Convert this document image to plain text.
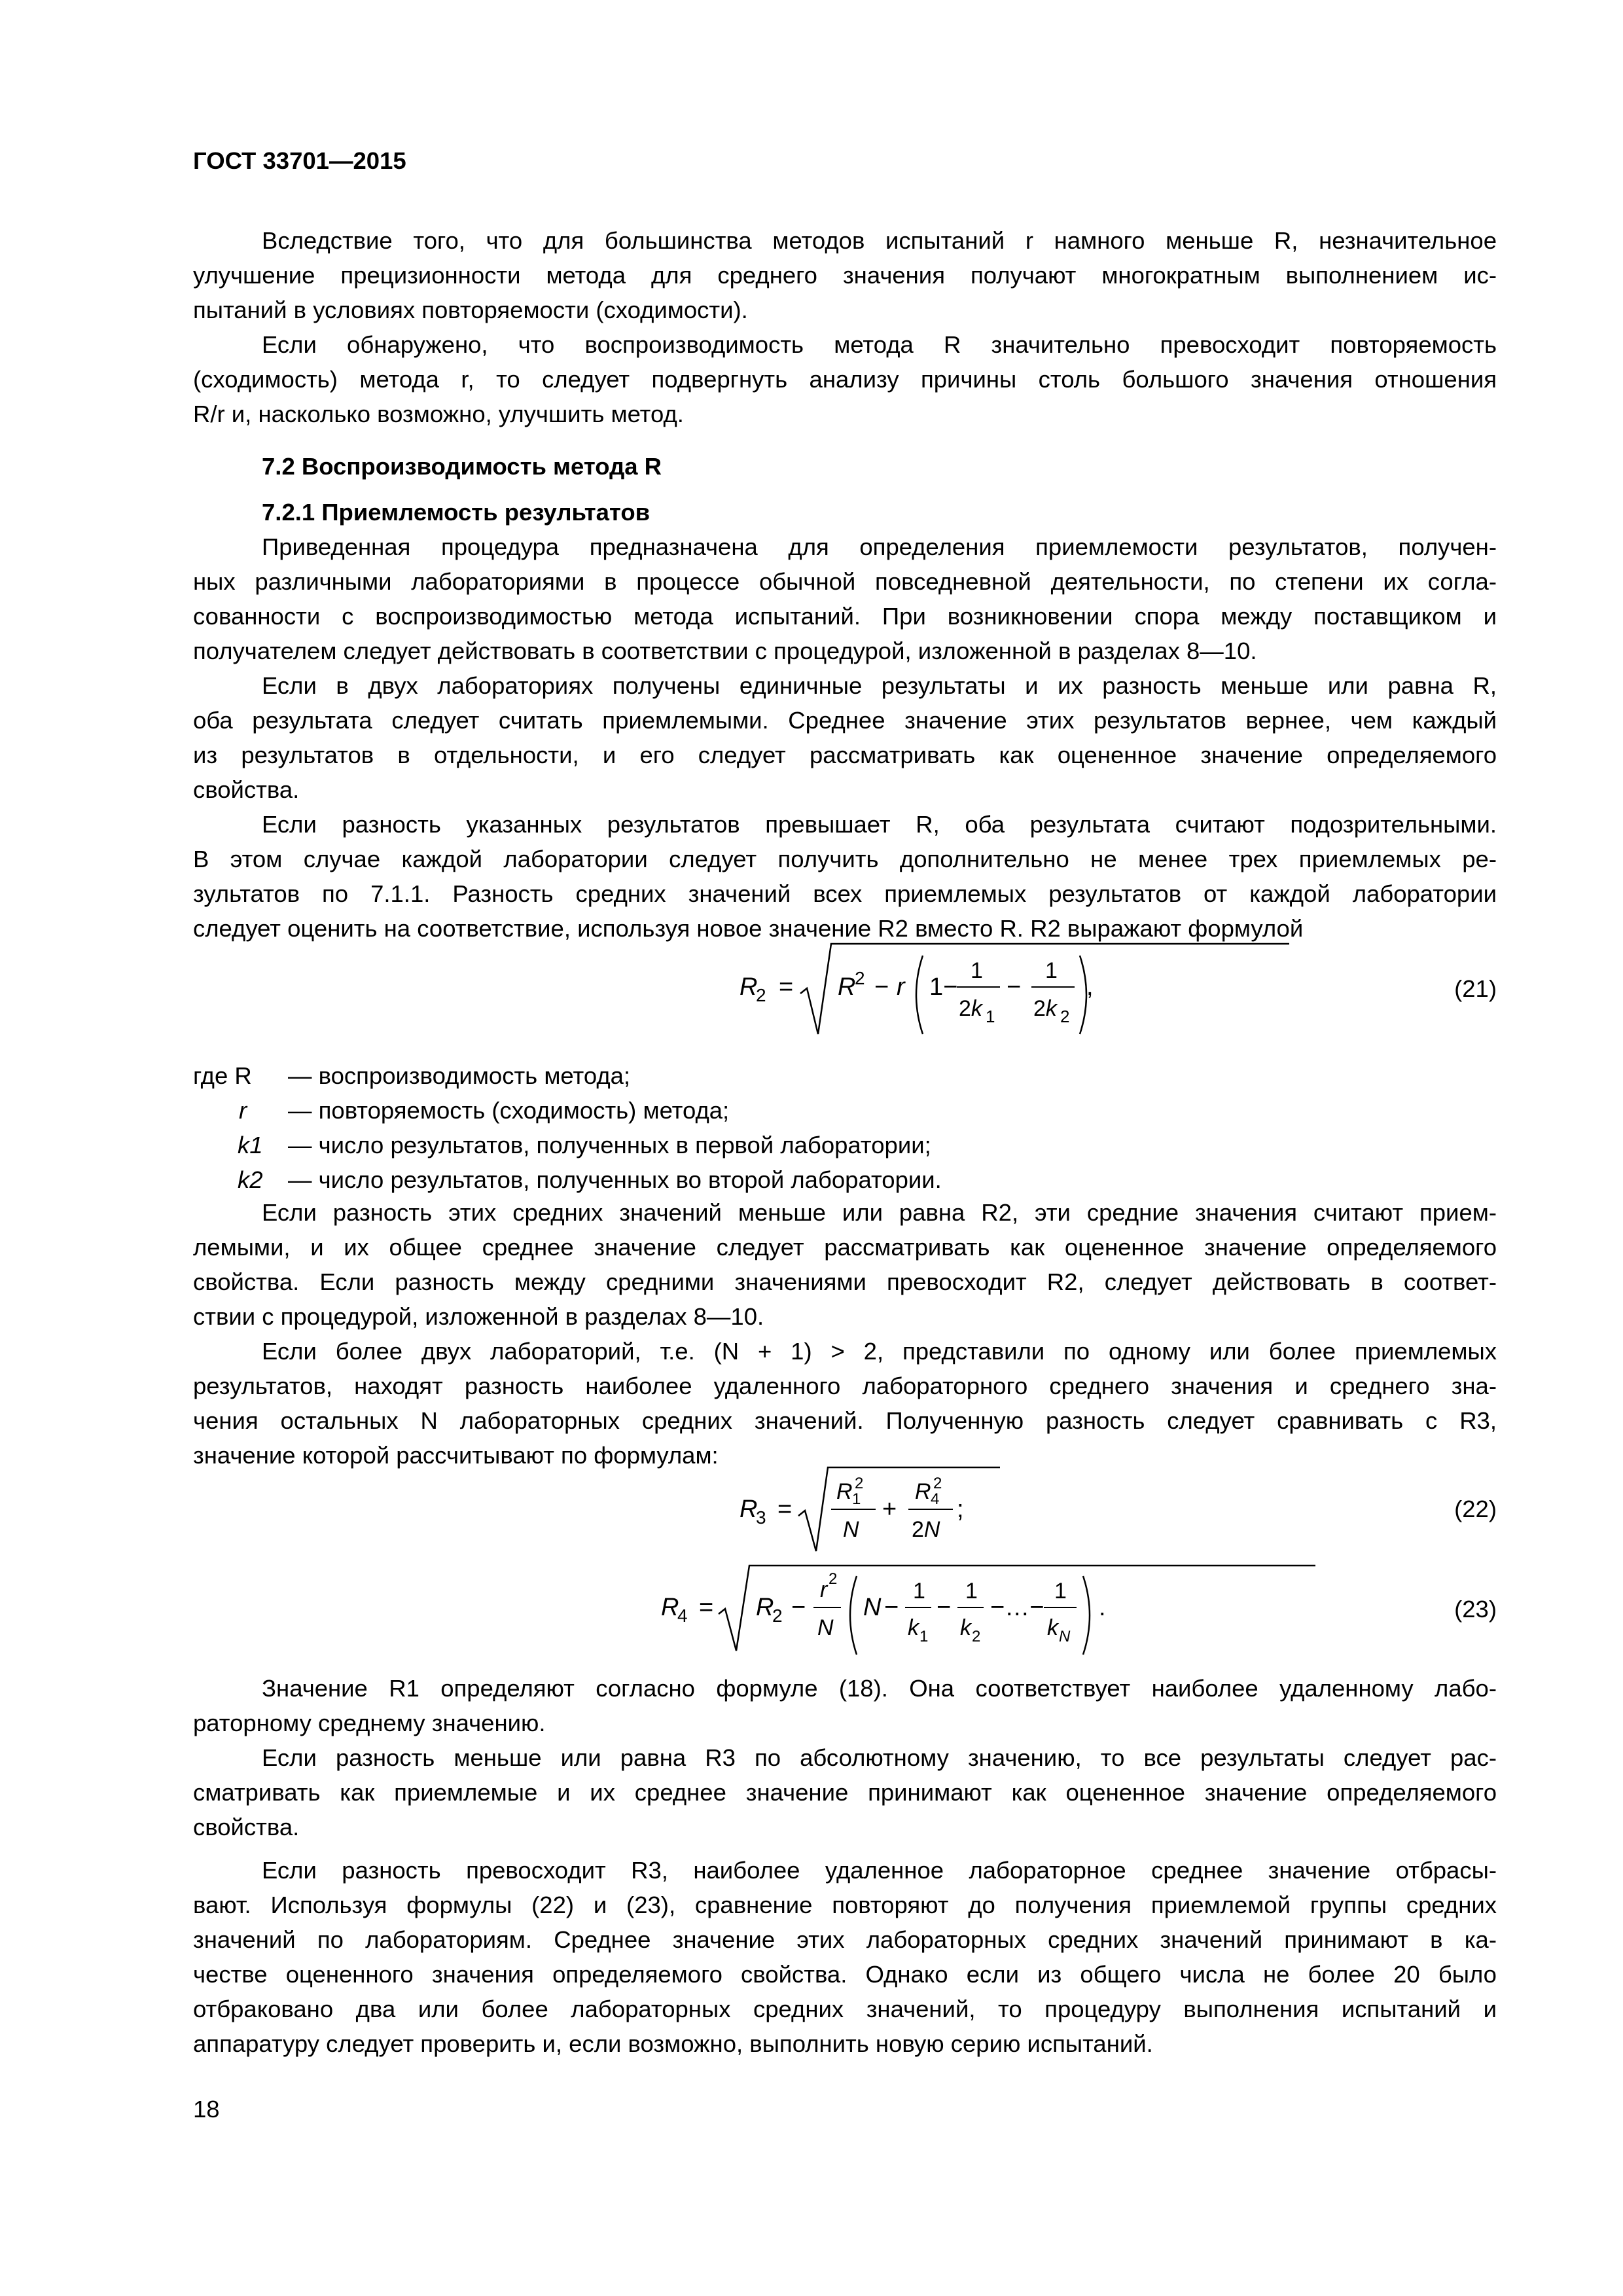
ГОСТ 33701—2015
Вследствие того, что для большинства методов испытаний r намного меньше R, незначительное
улучшение прецизионности метода для среднего значения получают многократным выполнением ис-
пытаний в условиях повторяемости (сходимости).
Если обнаружено, что воспроизводимость метода R значительно превосходит повторяемость
(сходимость) метода r, то следует подвергнуть анализу причины столь большого значения отношения
R/r и, насколько возможно, улучшить метод.
7.2 Воспроизводимость метода R
7.2.1 Приемлемость результатов
Приведенная процедура предназначена для определения приемлемости результатов, получен-
ных различными лабораториями в процессе обычной повседневной деятельности, по степени их согла-
сованности с воспроизводимостью метода испытаний. При возникновении спора между поставщиком и
получателем следует действовать в соответствии с процедурой, изложенной в разделах 8—10.
Если в двух лабораториях получены единичные результаты и их разность меньше или равна R,
оба результата следует считать приемлемыми. Среднее значение этих результатов вернее, чем каждый
из результатов в отдельности, и его следует рассматривать как оцененное значение определяемого
свойства.
Если разность указанных результатов превышает R, оба результата считают подозрительными.
В этом случае каждой лаборатории следует получить дополнительно не менее трех приемлемых ре-
зультатов по 7.1.1. Разность средних значений всех приемлемых результатов от каждой лаборатории
следует оценить на соответствие, используя новое значение R2 вместо R. R2 выражают формулой
R
2 = R
2 − r 1−
1
2k 1
−
1
2k 2
,	(21)
где R — воспроизводимость метода;
r — повторяемость (сходимость) метода;
k1 — число результатов, полученных в первой лаборатории;
k2 — число результатов, полученных во второй лаборатории.
Если разность этих средних значений меньше или равна R2, эти средние значения считают прием-
лемыми, и их общее среднее значение следует рассматривать как оцененное значение определяемого
свойства. Если разность между средними значениями превосходит R2, следует действовать в соответ-
ствии с процедурой, изложенной в разделах 8—10.
Если более двух лабораторий, т.е. (N + 1) > 2, представили по одному или более приемлемых
результатов, находят разность наиболее удаленного лабораторного среднего значения и среднего зна-
чения остальных N лабораторных средних значений. Полученную разность следует сравнивать с R3,
значение которой рассчитывают по формулам:
R
3 =
R 1
2
N
+
R 4
2
2N
;	(22)
R
4 = R
2 −
r 2
N
N −
1
k 1
−
1
k 2
−…−
1
k N
.	(23)
Значение R1 определяют согласно формуле (18). Она соответствует наиболее удаленному лабо-
раторному среднему значению.
Если разность меньше или равна R3 по абсолютному значению, то все результаты следует рас-
сматривать как приемлемые и их среднее значение принимают как оцененное значение определяемого
свойства.
Если разность превосходит R3, наиболее удаленное лабораторное среднее значение отбрасы-
вают. Используя формулы (22) и (23), сравнение повторяют до получения приемлемой группы средних
значений по лабораториям. Среднее значение этих лабораторных средних значений принимают в ка-
честве оцененного значения определяемого свойства. Однако если из общего числа не более 20 было
отбраковано два или более лабораторных средних значений, то процедуру выполнения испытаний и
аппаратуру следует проверить и, если возможно, выполнить новую серию испытаний.
18
